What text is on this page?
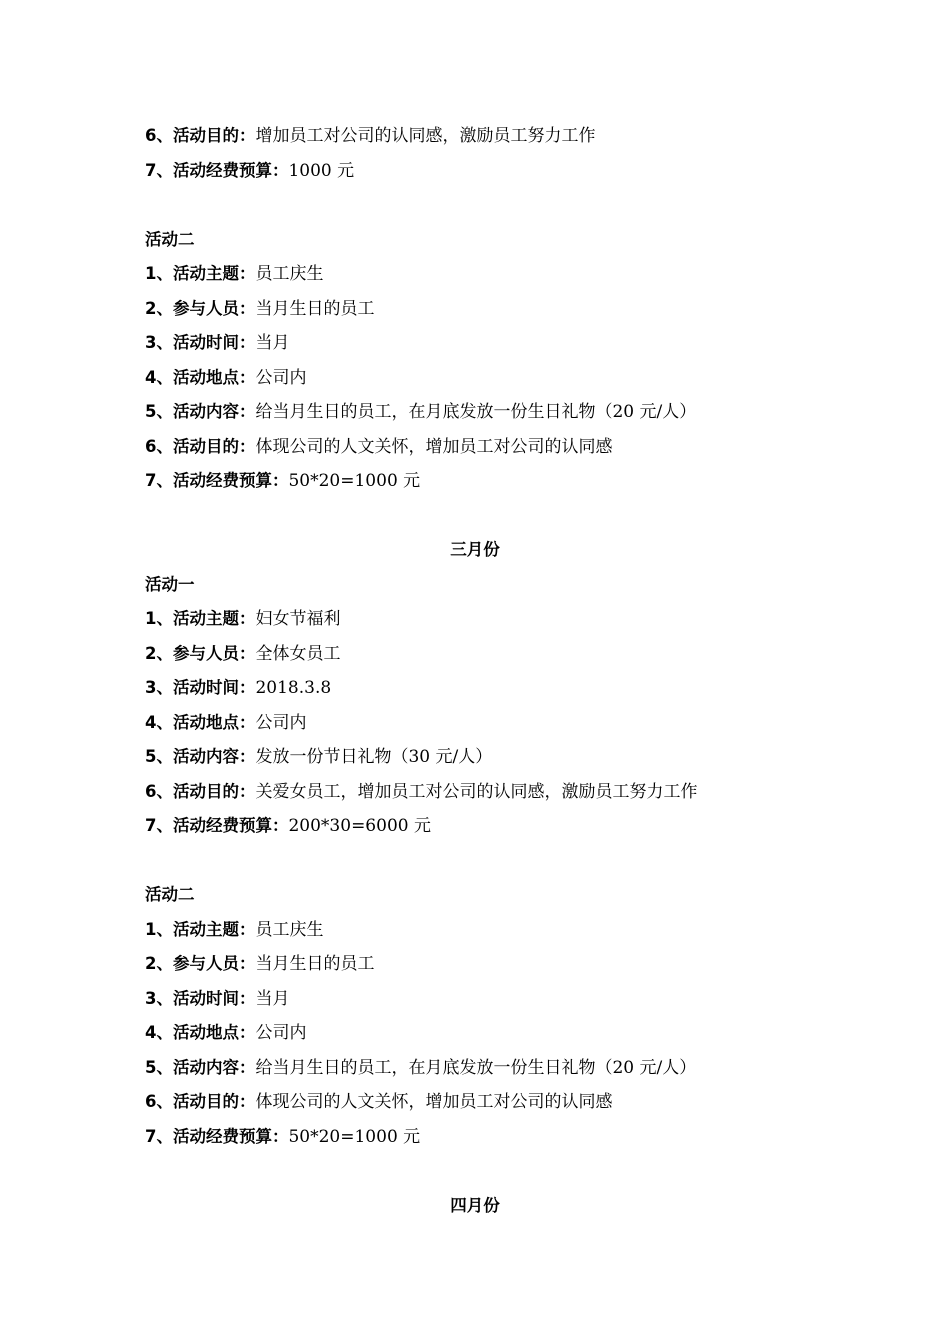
6、活动目的：增加员工对公司的认同感，激励员工努力工作
7、活动经费预算：1000 元
活动二
1、活动主题：员工庆生
2、参与人员：当月生日的员工
3、活动时间：当月
4、活动地点：公司内
5、活动内容：给当月生日的员工，在月底发放一份生日礼物（20 元/人）
6、活动目的：体现公司的人文关怀，增加员工对公司的认同感
7、活动经费预算：50*20=1000 元
三月份
活动一
1、活动主题：妇女节福利
2、参与人员：全体女员工
3、活动时间：2018.3.8
4、活动地点：公司内
5、活动内容：发放一份节日礼物（30 元/人）
6、活动目的：关爱女员工，增加员工对公司的认同感，激励员工努力工作
7、活动经费预算：200*30=6000 元
活动二
1、活动主题：员工庆生
2、参与人员：当月生日的员工
3、活动时间：当月
4、活动地点：公司内
5、活动内容：给当月生日的员工，在月底发放一份生日礼物（20 元/人）
6、活动目的：体现公司的人文关怀，增加员工对公司的认同感
7、活动经费预算：50*20=1000 元
四月份
